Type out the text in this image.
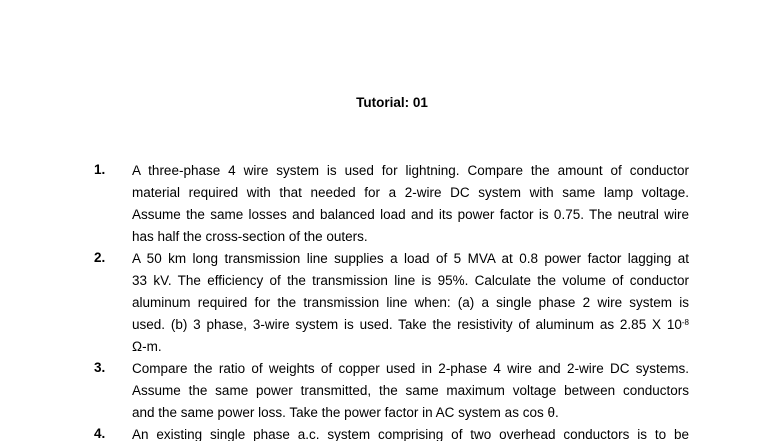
Tutorial: 01
1. A three-phase 4 wire system is used for lightning. Compare the amount of conductor
material required with that needed for a 2-wire DC system with same lamp voltage.
Assume the same losses and balanced load and its power factor is 0.75. The neutral wire
has half the cross-section of the outers.
2. A 50 km long transmission line supplies a load of 5 MVA at 0.8 power factor lagging at
33 kV. The efficiency of the transmission line is 95%. Calculate the volume of conductor
aluminum required for the transmission line when: (a) a single phase 2 wire system is
used. (b) 3 phase, 3-wire system is used. Take the resistivity of aluminum as 2.85 X $10^{-8}$
Ω-m.
3. Compare the ratio of weights of copper used in 2-phase 4 wire and 2-wire DC systems.
Assume the same power transmitted, the same maximum voltage between conductors
and the same power loss. Take the power factor in AC system as cos θ.
4. An existing single phase a.c. system comprising of two overhead conductors is to be
